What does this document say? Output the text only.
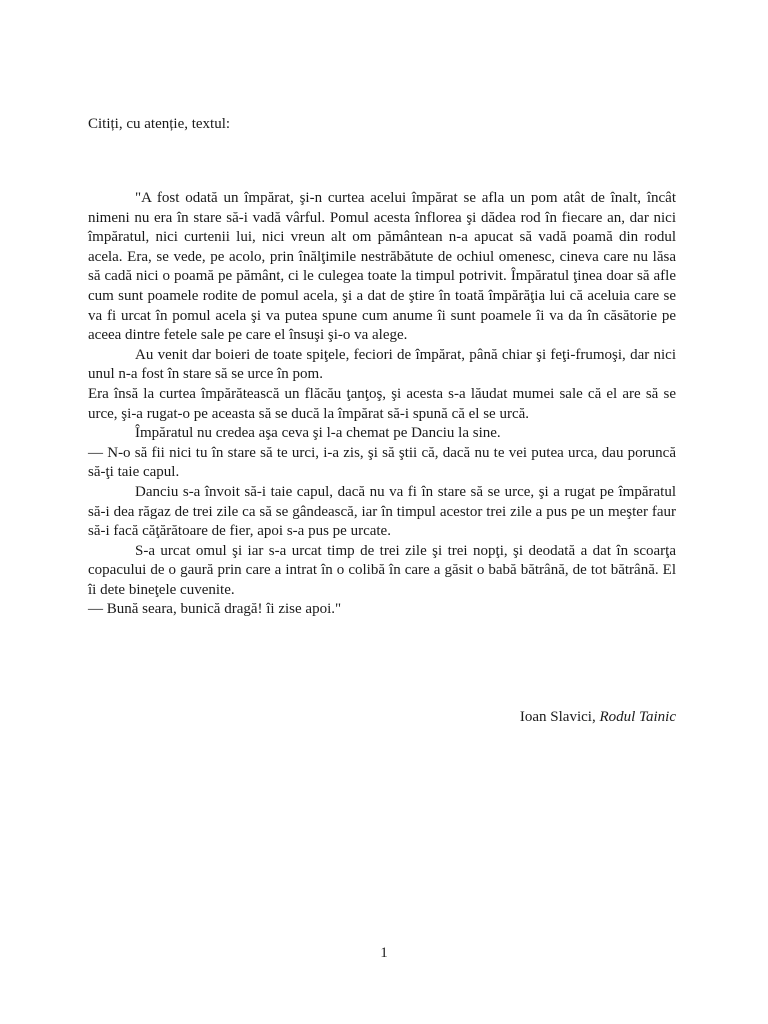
Citiți, cu atenție, textul:

"A fost odată un împărat, şi-n curtea acelui împărat se afla un pom atât de înalt, încât nimeni nu era în stare să-i vadă vârful. Pomul acesta înflorea şi dădea rod în fiecare an, dar nici împăratul, nici curtenii lui, nici vreun alt om pământean n-a apucat să vadă poamă din rodul acela. Era, se vede, pe acolo, prin înălţimile nestrăbătute de ochiul omenesc, cineva care nu lăsa să cadă nici o poamă pe pământ, ci le culegea toate la timpul potrivit. Împăratul ţinea doar să afle cum sunt poamele rodite de pomul acela, şi a dat de ştire în toată împărăţia lui că aceluia care se va fi urcat în pomul acela şi va putea spune cum anume îi sunt poamele îi va da în căsătorie pe aceea dintre fetele sale pe care el însuşi şi-o va alege.

Au venit dar boieri de toate spiţele, feciori de împărat, până chiar şi feţi-frumoşi, dar nici unul n-a fost în stare să se urce în pom.

Era însă la curtea împărătească un flăcău ţanţoş, şi acesta s-a lăudat mumei sale că el are să se urce, şi-a rugat-o pe aceasta să se ducă la împărat să-i spună că el se urcă.

Împăratul nu credea aşa ceva şi l-a chemat pe Danciu la sine.

— N-o să fii nici tu în stare să te urci, i-a zis, şi să ştii că, dacă nu te vei putea urca, dau poruncă să-ţi taie capul.

Danciu s-a învoit să-i taie capul, dacă nu va fi în stare să se urce, şi a rugat pe împăratul să-i dea răgaz de trei zile ca să se gândească, iar în timpul acestor trei zile a pus pe un meşter faur să-i facă căţărătoare de fier, apoi s-a pus pe urcate.

S-a urcat omul şi iar s-a urcat timp de trei zile şi trei nopţi, şi deodată a dat în scoarţa copacului de o gaură prin care a intrat în o colibă în care a găsit o babă bătrână, de tot bătrână. El îi dete bineţele cuvenite.

— Bună seara, bunică dragă! îi zise apoi."

Ioan Slavici, Rodul Tainic
1
